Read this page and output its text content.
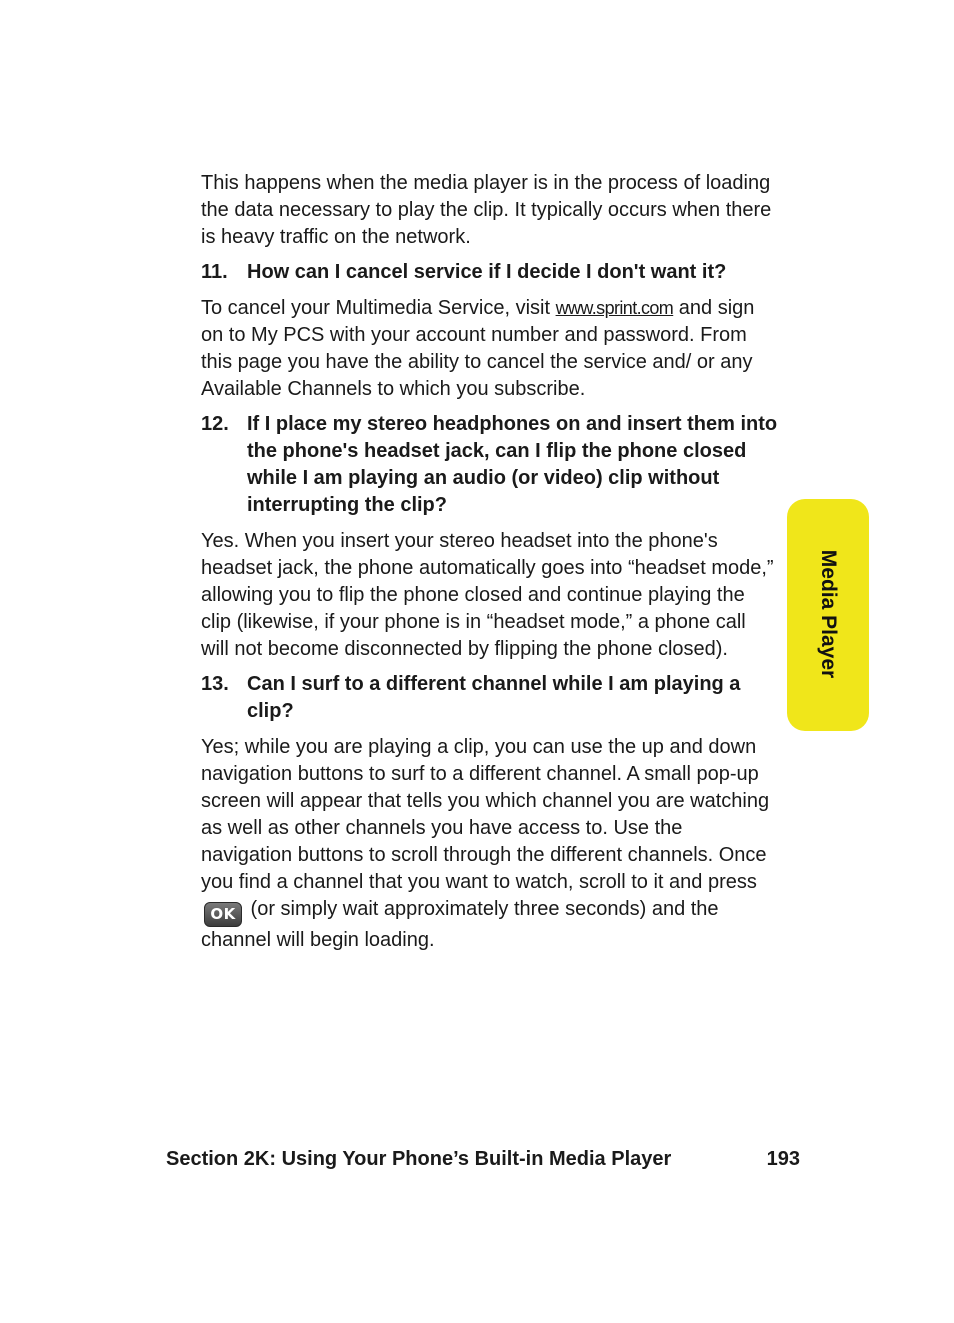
This happens when the media player is in the process of loading the data necessary to play the clip. It typically occurs when there is heavy traffic on the network.

11. How can I cancel service if I decide I don't want it?

To cancel your Multimedia Service, visit www.sprint.com and sign on to My PCS with your account number and password. From this page you have the ability to cancel the service and/ or any Available Channels to which you subscribe.

12. If I place my stereo headphones on and insert them into the phone's headset jack, can I flip the phone closed while I am playing an audio (or video) clip without interrupting the clip?

Yes. When you insert your stereo headset into the phone's headset jack, the phone automatically goes into “headset mode,” allowing you to flip the phone closed and continue playing the clip (likewise, if your phone is in “headset mode,” a phone call will not become disconnected by flipping the phone closed).

13. Can I surf to a different channel while I am playing a clip?

Yes; while you are playing a clip, you can use the up and down navigation buttons to surf to a different channel. A small pop-up screen will appear that tells you which channel you are watching as well as other channels you have access to. Use the navigation buttons to scroll through the different channels. Once you find a channel that you want to watch, scroll to it and press OK (or simply wait approximately three seconds) and the channel will begin loading.

Media Player
Section 2K: Using Your Phone’s Built-in Media Player	193
